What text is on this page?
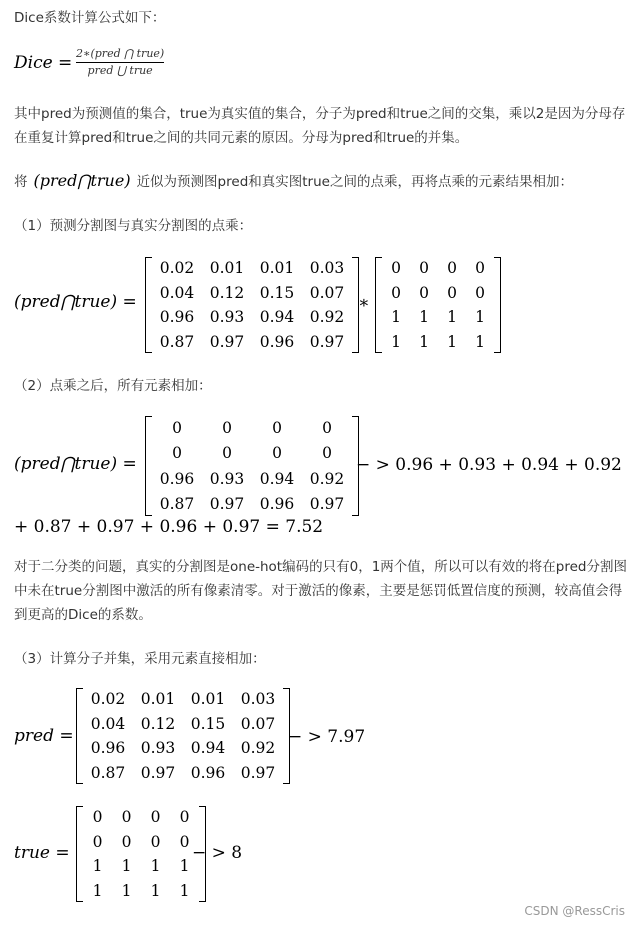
Dice系数计算公式如下：
Dice = 2∗(pred ⋂ true)
pred ⋃ true
其中pred为预测值的集合，true为真实值的集合，分子为pred和true之间的交集，乘以2是因为分母存在重复计算pred和true之间的共同元素的原因。分母为pred和true的并集。
将 (pred⋂true) 近似为预测图pred和真实图true之间的点乘，再将点乘的元素结果相加：
（1）预测分割图与真实分割图的点乘：
(pred⋂true) =
0.02	0.01	0.01	0.03
0.04	0.12	0.15	0.07
0.96	0.93	0.94	0.92
0.87	0.97	0.96	0.97
∗
0	0	0	0
0	0	0	0
1	1	1	1
1	1	1	1
（2）点乘之后，所有元素相加：
(pred⋂true) =
0	0	0	0
0	0	0	0
0.96	0.93	0.94	0.92
0.87	0.97	0.96	0.97
− > 0.96 + 0.93 + 0.94 + 0.92
+ 0.87 + 0.97 + 0.96 + 0.97 = 7.52
对于二分类的问题，真实的分割图是one-hot编码的只有0，1两个值，所以可以有效的将在pred分割图中未在true分割图中激活的所有像素清零。对于激活的像素，主要是惩罚低置信度的预测，较高值会得到更高的Dice的系数。
（3）计算分子并集，采用元素直接相加：
pred =
0.02	0.01	0.01	0.03
0.04	0.12	0.15	0.07
0.96	0.93	0.94	0.92
0.87	0.97	0.96	0.97
− > 7.97
true =
0	0	0	0
0	0	0	0
1	1	1	1
1	1	1	1
− > 8
CSDN @RessCris
